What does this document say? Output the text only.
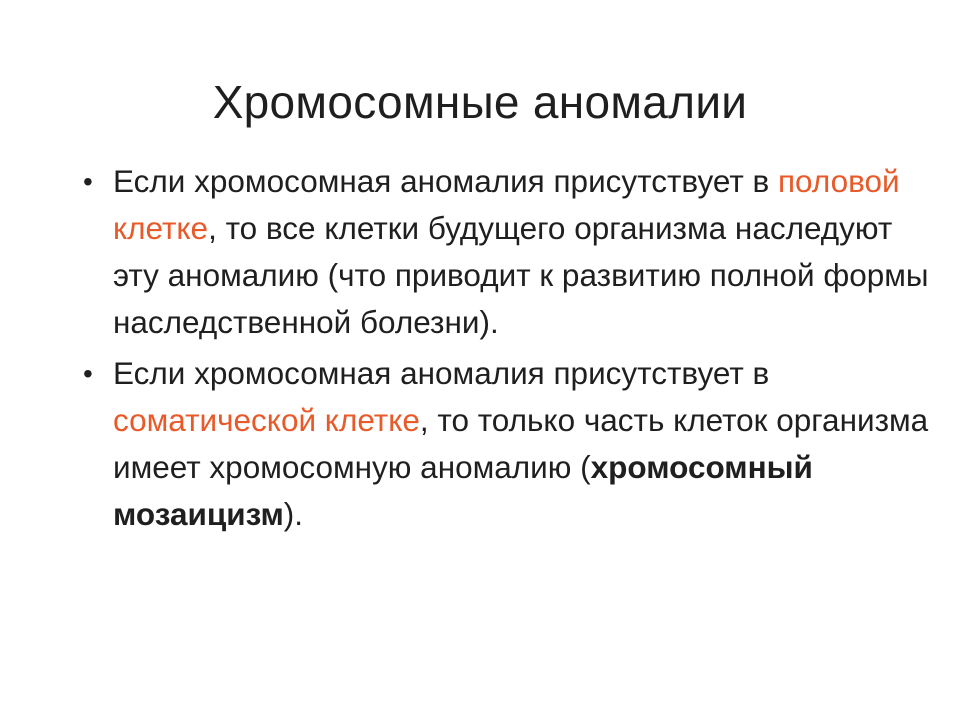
Хромосомные аномалии
• Если хромосомная аномалия присутствует в половой клетке, то все клетки будущего организма наследуют эту аномалию (что приводит к развитию полной формы наследственной болезни).
• Если хромосомная аномалия присутствует в соматической клетке, то только часть клеток организма имеет хромосомную аномалию (хромосомный мозаицизм).
